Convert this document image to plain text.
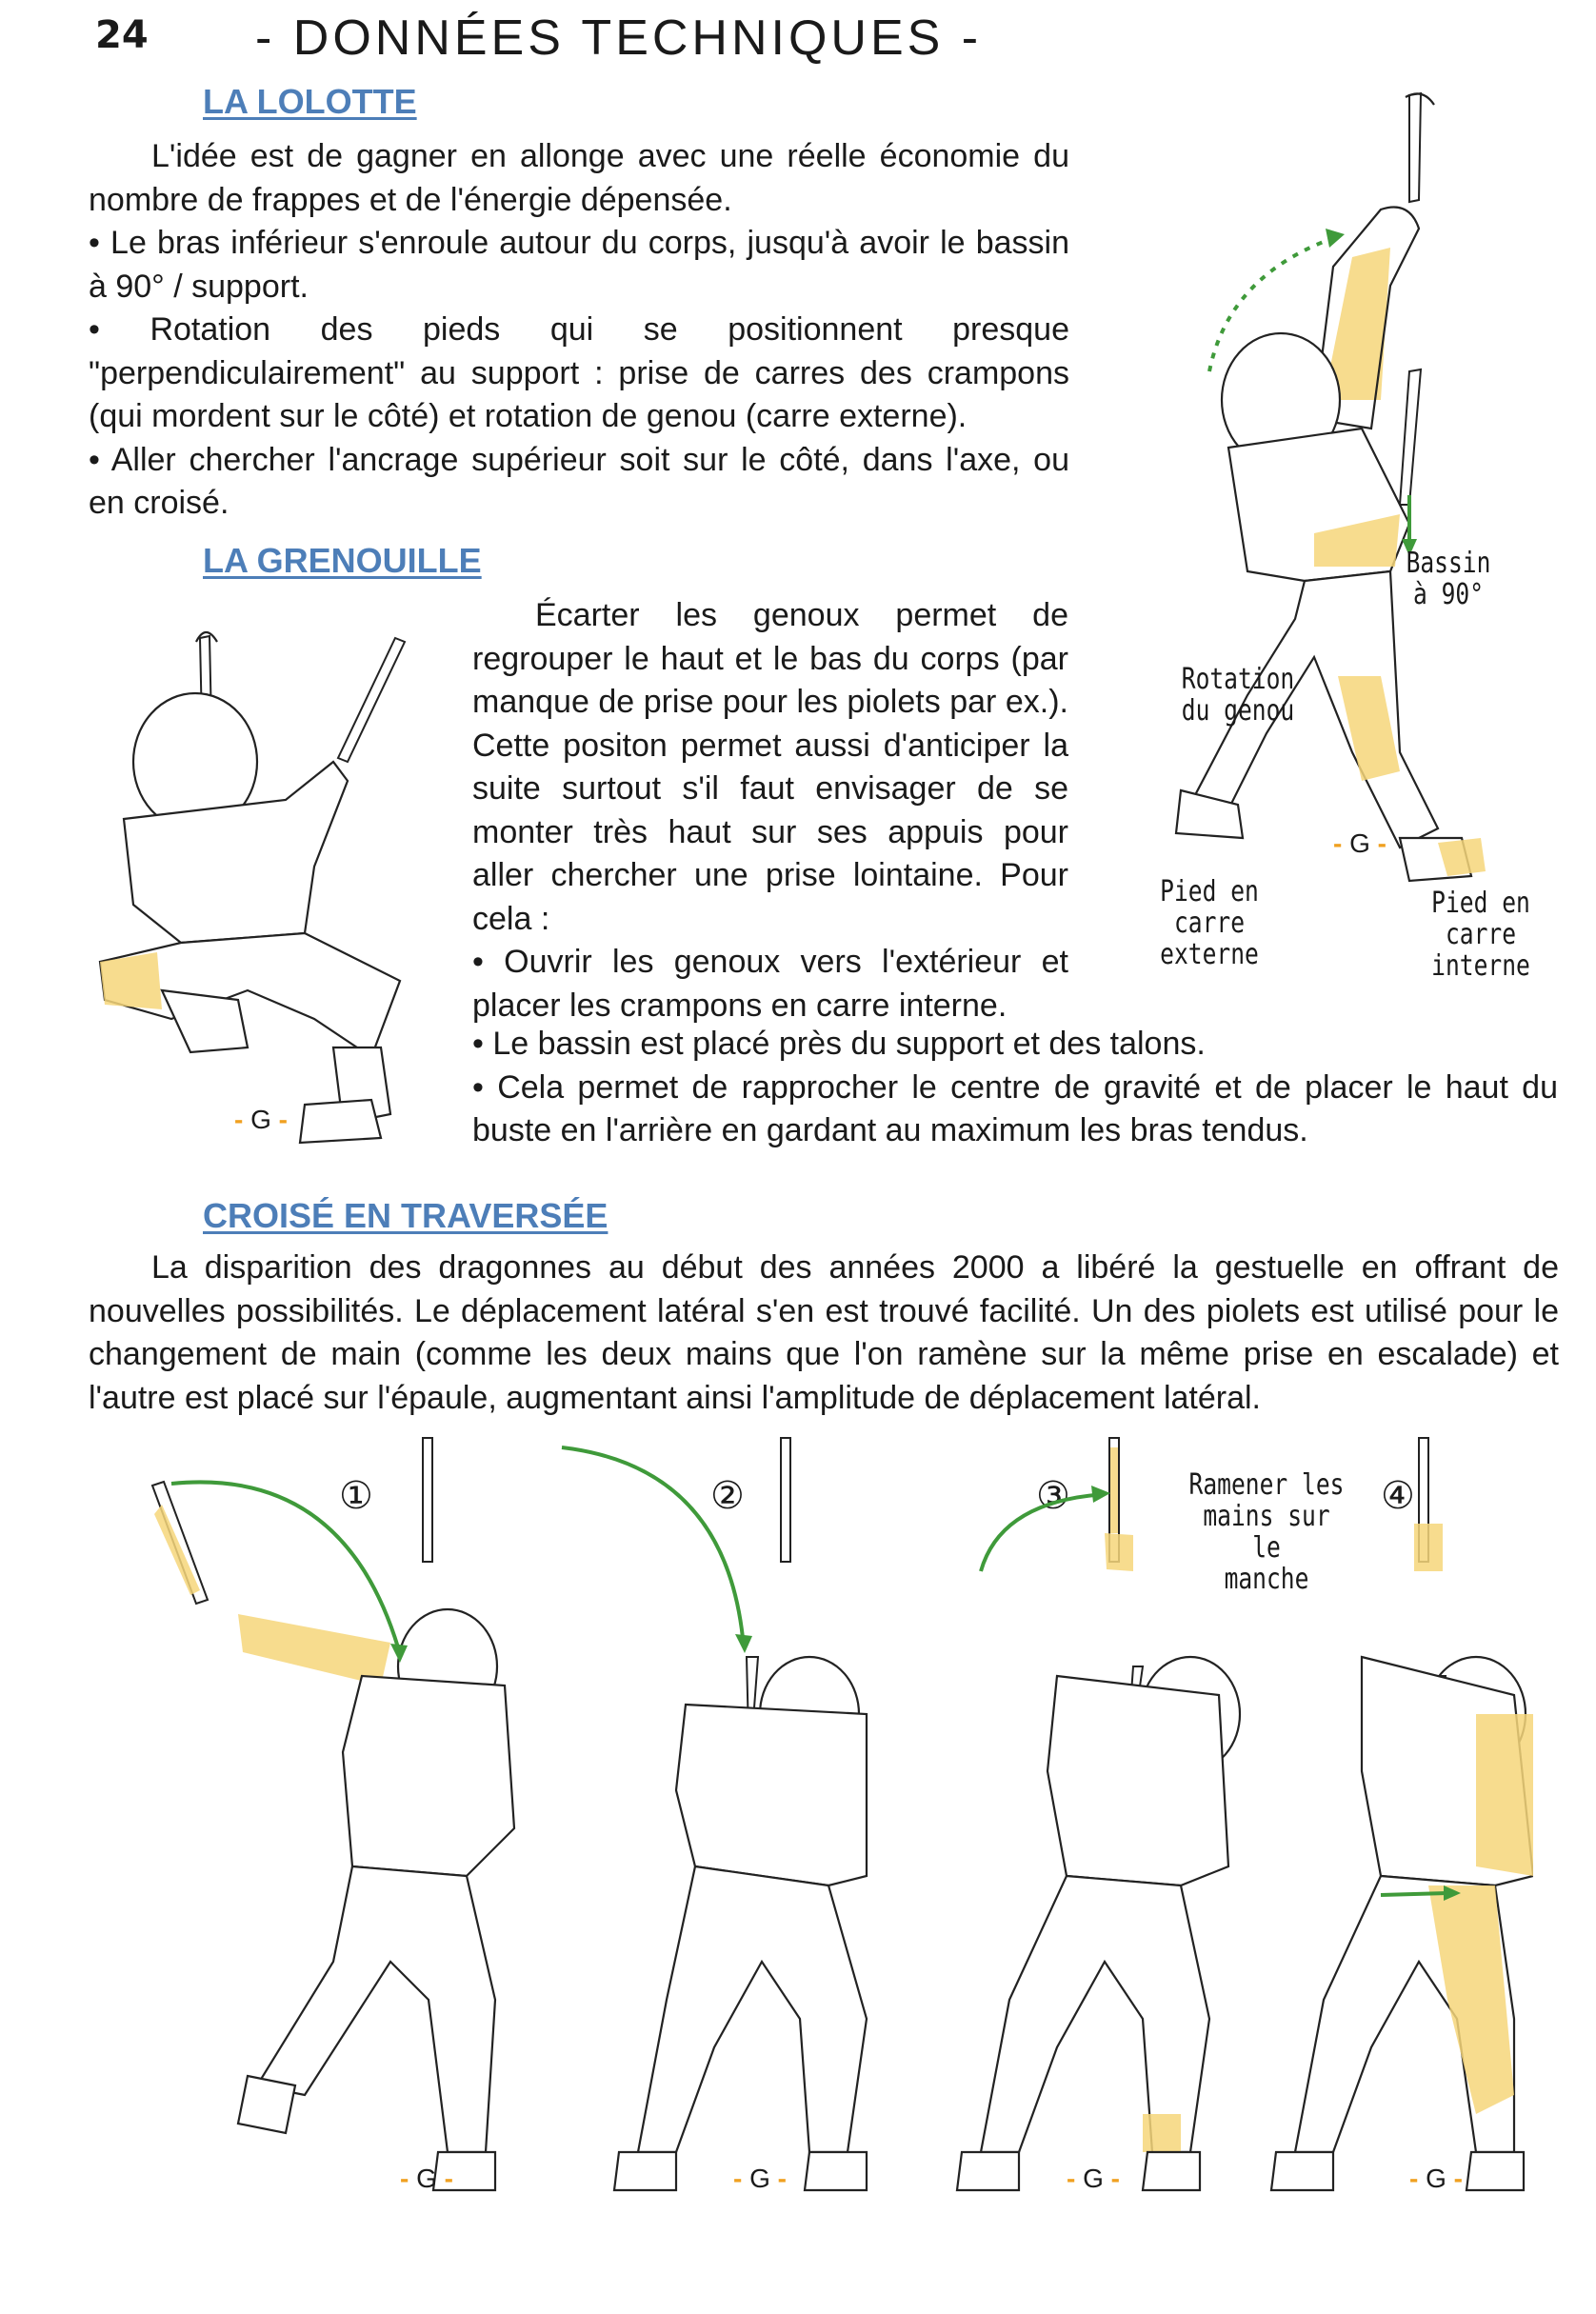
24 - DONNÉES TECHNIQUES -
LA LOLOTTE

L'idée est de gagner en allonge avec une réelle économie du nombre de frappes et de l'énergie dépensée.

• Le bras inférieur s'enroule autour du corps, jusqu'à avoir le bassin à 90° / support.

• Rotation des pieds qui se positionnent presque "perpendiculairement" au support : prise de carres des crampons (qui mordent sur le côté) et rotation de genou (carre externe).

• Aller chercher l'ancrage supérieur soit sur le côté, dans l'axe, ou en croisé.

Bassin
à 90°
Rotation
du genou
Pied en
carre
externe
Pied en
carre
interne
- G -
LA GRENOUILLE

Écarter les genoux permet de regrouper le haut et le bas du corps (par manque de prise pour les piolets par ex.). Cette positon permet aussi d'anticiper la suite surtout s'il faut envisager de se monter très haut sur ses appuis pour aller chercher une prise lointaine. Pour cela :

• Ouvrir les genoux vers l'extérieur et placer les crampons en carre interne.

• Le bassin est placé près du support et des talons.

• Cela permet de rapprocher le centre de gravité et de placer le haut du buste en l'arrière en gardant au maximum les bras tendus.

- G -
CROISÉ EN TRAVERSÉE
La disparition des dragonnes au début des années 2000 a libéré la gestuelle en offrant de nouvelles possibilités. Le déplacement latéral s'en est trouvé facilité. Un des piolets est utilisé pour le changement de main (comme les deux mains que l'on ramène sur la même prise en escalade) et l'autre est placé sur l'épaule, augmentant ainsi l'amplitude de déplacement latéral.
①	②	③	④
Ramener les
mains sur le
manche
- G -	- G -	- G -	- G -
